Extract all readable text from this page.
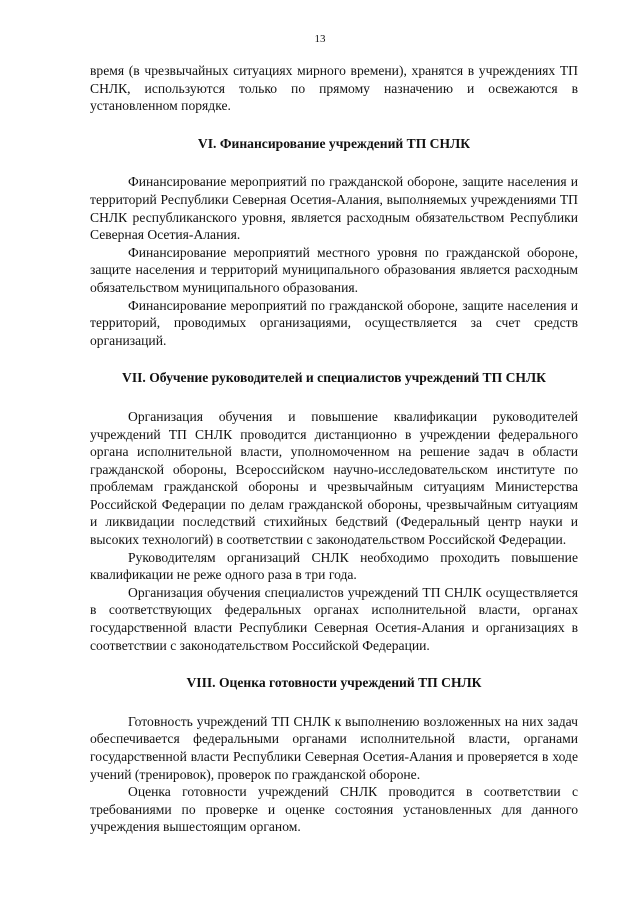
13

время (в чрезвычайных ситуациях мирного времени), хранятся в учреждениях ТП СНЛК, используются только по прямому назначению и освежаются в установленном порядке.

VI. Финансирование учреждений ТП СНЛК

Финансирование мероприятий по гражданской обороне, защите населения и территорий Республики Северная Осетия-Алания, выполняемых учреждениями ТП СНЛК республиканского уровня, является расходным обязательством Республики Северная Осетия-Алания.

Финансирование мероприятий местного уровня по гражданской обороне, защите населения и территорий муниципального образования является расходным обязательством муниципального образования.

Финансирование мероприятий по гражданской обороне, защите населения и территорий, проводимых организациями, осуществляется за счет средств организаций.

VII. Обучение руководителей и специалистов учреждений ТП СНЛК

Организация обучения и повышение квалификации руководителей учреждений ТП СНЛК проводится дистанционно в учреждении федерального органа исполнительной власти, уполномоченном на решение задач в области гражданской обороны, Всероссийском научно-исследовательском институте по проблемам гражданской обороны и чрезвычайным ситуациям Министерства Российской Федерации по делам гражданской обороны, чрезвычайным ситуациям и ликвидации последствий стихийных бедствий (Федеральный центр науки и высоких технологий) в соответствии с законодательством Российской Федерации.

Руководителям организаций СНЛК необходимо проходить повышение квалификации не реже одного раза в три года.

Организация обучения специалистов учреждений ТП СНЛК осуществляется в соответствующих федеральных органах исполнительной власти, органах государственной власти Республики Северная Осетия-Алания и организациях в соответствии с законодательством Российской Федерации.

VIII. Оценка готовности учреждений ТП СНЛК

Готовность учреждений ТП СНЛК к выполнению возложенных на них задач обеспечивается федеральными органами исполнительной власти, органами государственной власти Республики Северная Осетия-Алания и проверяется в ходе учений (тренировок), проверок по гражданской обороне.

Оценка готовности учреждений СНЛК проводится в соответствии с требованиями по проверке и оценке состояния установленных для данного учреждения вышестоящим органом.
